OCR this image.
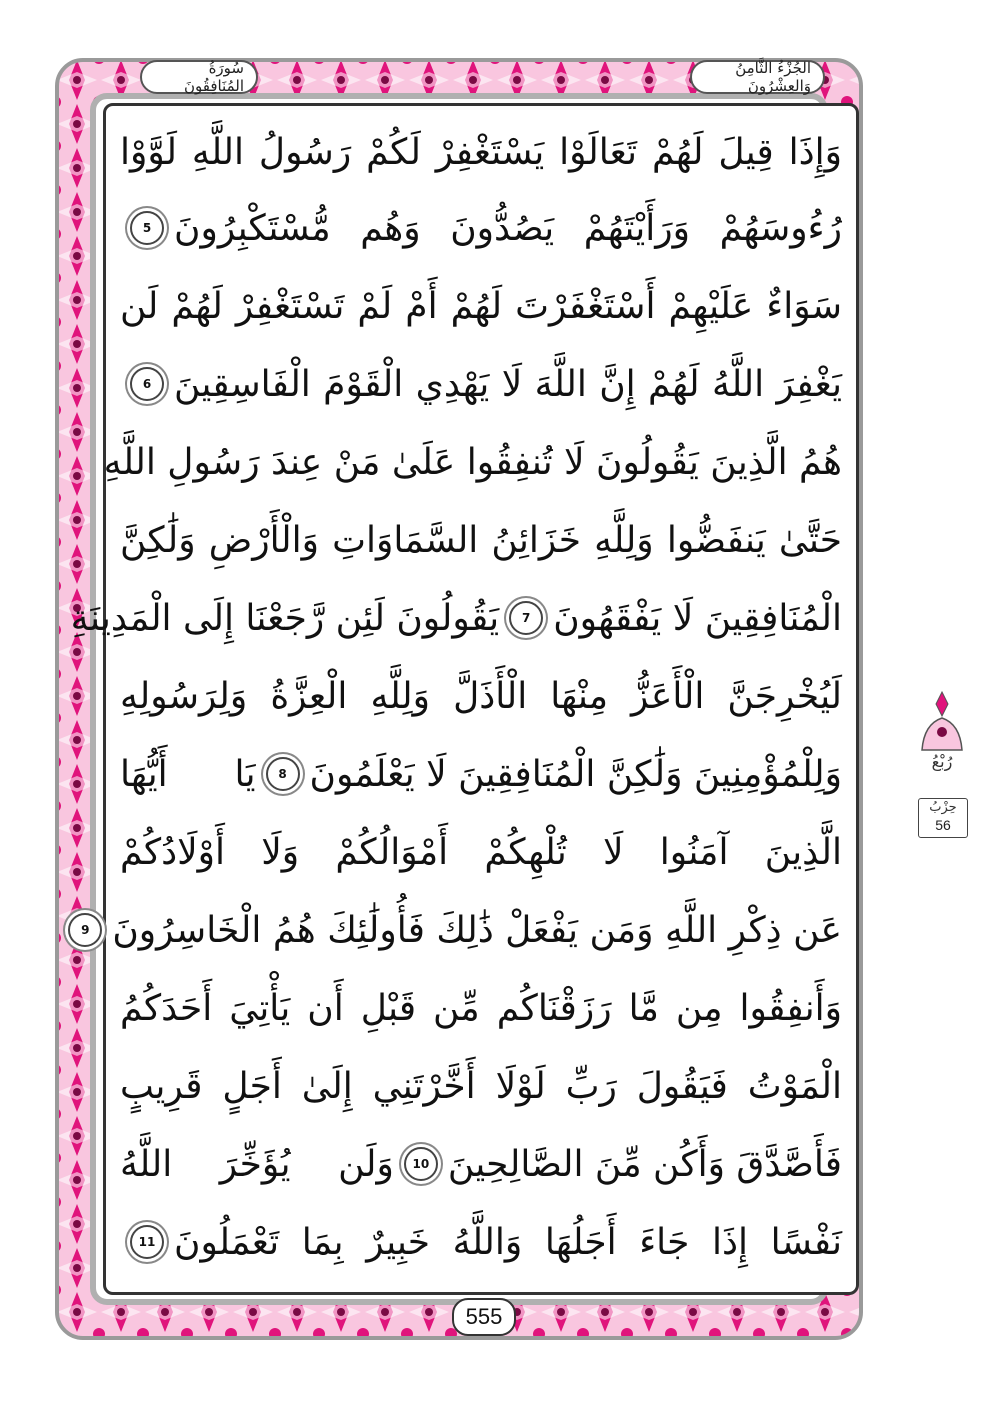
الجُزْءُ الثَّامِنُ وَالعِشْرُونَ
سُورَةُ المُنَافِقُونَ
وَإِذَا قِيلَ لَهُمْ تَعَالَوْا يَسْتَغْفِرْ لَكُمْ رَسُولُ اللَّهِ لَوَّوْا
رُءُوسَهُمْ وَرَأَيْتَهُمْ يَصُدُّونَ وَهُم مُّسْتَكْبِرُونَ
5
سَوَاءٌ عَلَيْهِمْ أَسْتَغْفَرْتَ لَهُمْ أَمْ لَمْ تَسْتَغْفِرْ لَهُمْ لَن
يَغْفِرَ اللَّهُ لَهُمْ إِنَّ اللَّهَ لَا يَهْدِي الْقَوْمَ الْفَاسِقِينَ
6
هُمُ الَّذِينَ يَقُولُونَ لَا تُنفِقُوا عَلَىٰ مَنْ عِندَ رَسُولِ اللَّهِ
حَتَّىٰ يَنفَضُّوا وَلِلَّهِ خَزَائِنُ السَّمَاوَاتِ وَالْأَرْضِ وَلَٰكِنَّ
الْمُنَافِقِينَ لَا يَفْقَهُونَ
7
يَقُولُونَ لَئِن رَّجَعْنَا إِلَى الْمَدِينَةِ
لَيُخْرِجَنَّ الْأَعَزُّ مِنْهَا الْأَذَلَّ وَلِلَّهِ الْعِزَّةُ وَلِرَسُولِهِ
وَلِلْمُؤْمِنِينَ وَلَٰكِنَّ الْمُنَافِقِينَ لَا يَعْلَمُونَ
8
يَا أَيُّهَا
الَّذِينَ آمَنُوا لَا تُلْهِكُمْ أَمْوَالُكُمْ وَلَا أَوْلَادُكُمْ
عَن ذِكْرِ اللَّهِ وَمَن يَفْعَلْ ذَٰلِكَ فَأُولَٰئِكَ هُمُ الْخَاسِرُونَ
9
وَأَنفِقُوا مِن مَّا رَزَقْنَاكُم مِّن قَبْلِ أَن يَأْتِيَ أَحَدَكُمُ
الْمَوْتُ فَيَقُولَ رَبِّ لَوْلَا أَخَّرْتَنِي إِلَىٰ أَجَلٍ قَرِيبٍ
فَأَصَّدَّقَ وَأَكُن مِّنَ الصَّالِحِينَ
10
وَلَن يُؤَخِّرَ اللَّهُ
نَفْسًا إِذَا جَاءَ أَجَلُهَا وَاللَّهُ خَبِيرٌ بِمَا تَعْمَلُونَ
11
555
رُبْعُ
حِزْبُ
56
